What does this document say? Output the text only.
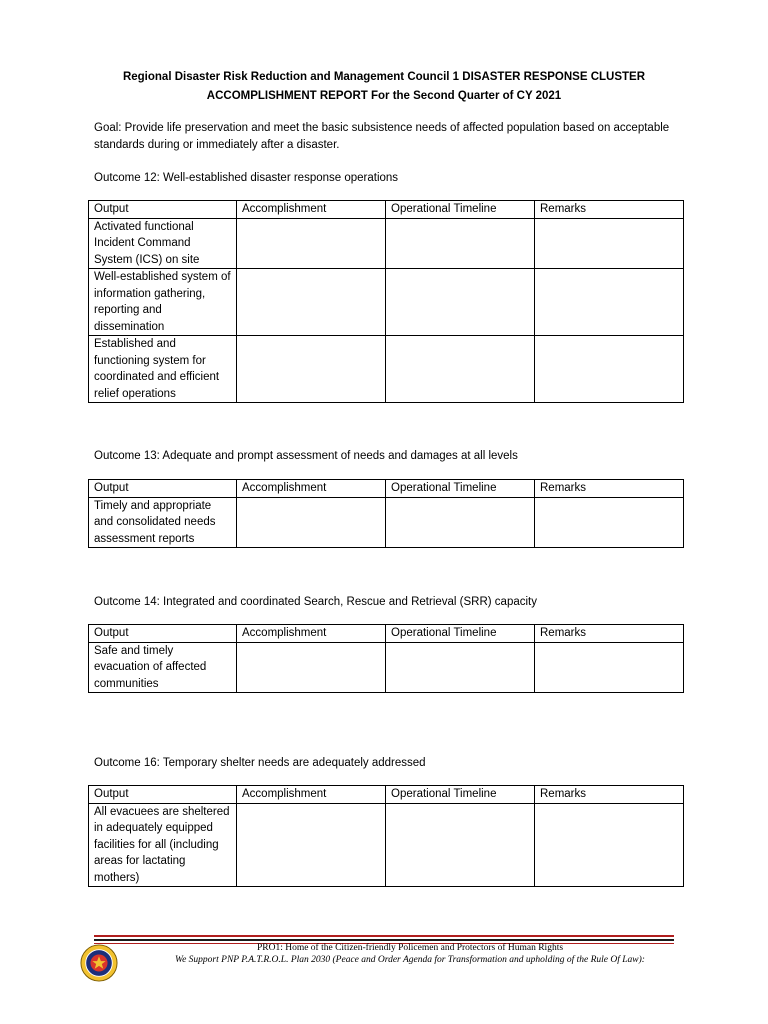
Regional Disaster Risk Reduction and Management Council 1 DISASTER RESPONSE CLUSTER
ACCOMPLISHMENT REPORT For the Second Quarter of CY 2021
Goal: Provide life preservation and meet the basic subsistence needs of affected population based on acceptable standards during or immediately after a disaster.
Outcome 12: Well-established disaster response operations
Output	Accomplishment	Operational Timeline	Remarks
Activated functional Incident Command System (ICS) on site			
Well-established system of information gathering, reporting and dissemination			
Established and functioning system for coordinated and efficient relief operations			
Outcome 13: Adequate and prompt assessment of needs and damages at all levels
Output	Accomplishment	Operational Timeline	Remarks
Timely and appropriate and consolidated needs assessment reports			
Outcome 14: Integrated and coordinated Search, Rescue and Retrieval (SRR) capacity
Output	Accomplishment	Operational Timeline	Remarks
Safe and timely evacuation of affected communities			
Outcome 16: Temporary shelter needs are adequately addressed
Output	Accomplishment	Operational Timeline	Remarks
All evacuees are sheltered in adequately equipped facilities for all (including areas for lactating mothers)			
PRO1: Home of the Citizen-friendly Policemen and Protectors of Human Rights
We Support PNP P.A.T.R.O.L. Plan 2030 (Peace and Order Agenda for Transformation and upholding of the Rule Of Law):
